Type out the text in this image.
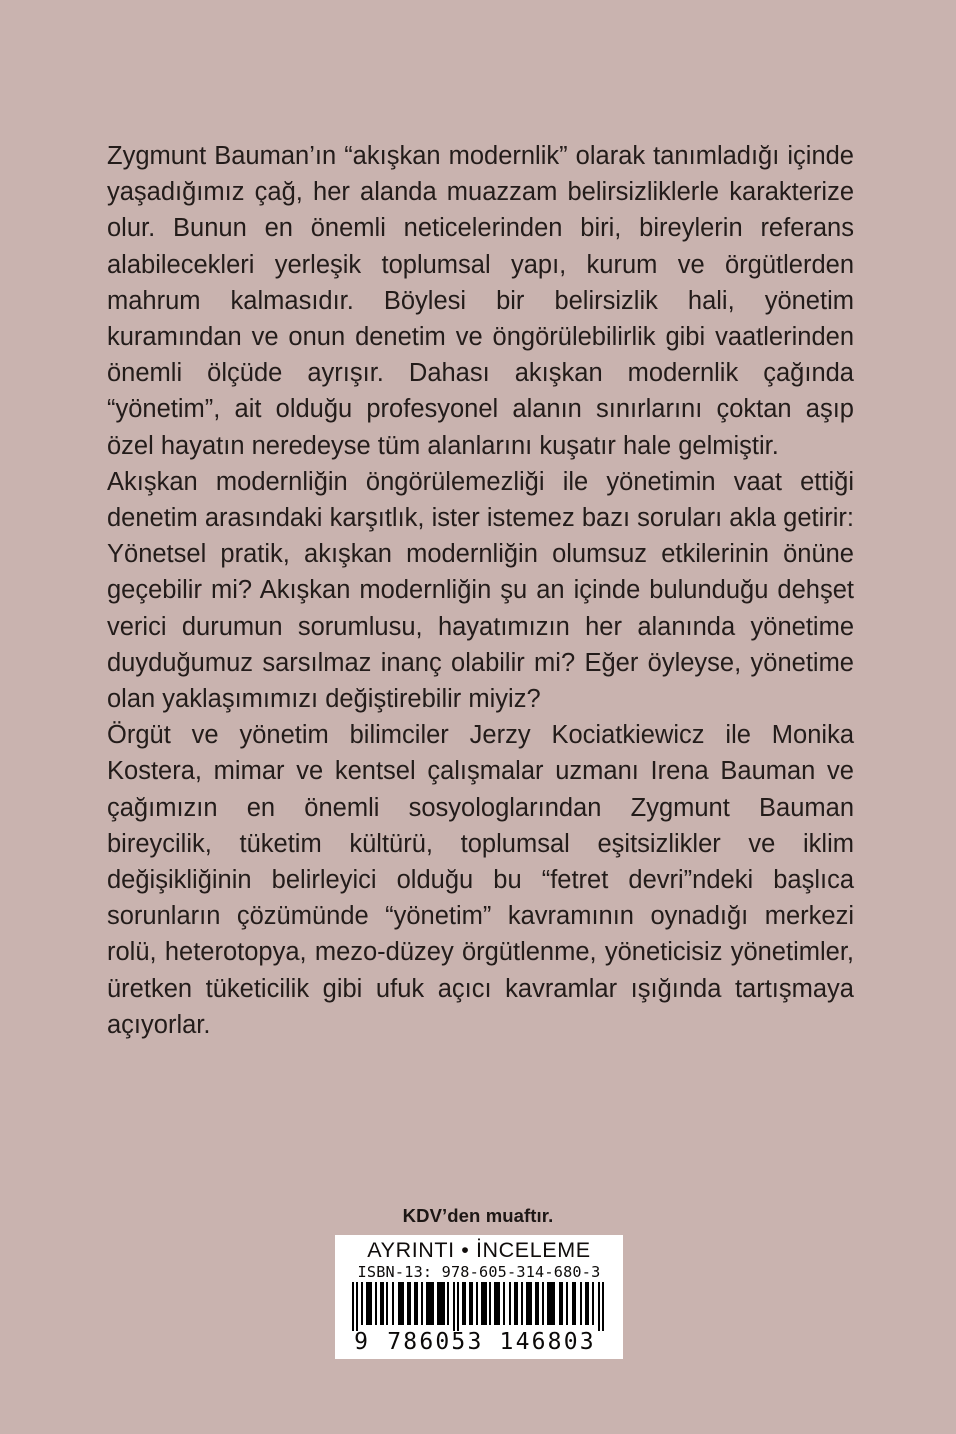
Zygmunt Bauman’ın “akışkan modernlik” olarak tanımladığı içinde yaşadığımız çağ, her alanda muazzam belirsizliklerle karakterize olur. Bunun en önemli neticelerinden biri, bireylerin referans alabilecekleri yerleşik toplumsal yapı, kurum ve örgütlerden mahrum kalmasıdır. Böylesi bir belirsizlik hali, yönetim kuramından ve onun denetim ve öngörülebilirlik gibi vaatlerinden önemli ölçüde ayrışır. Dahası akışkan modernlik çağında “yönetim”, ait olduğu profesyonel alanın sınırlarını çoktan aşıp özel hayatın neredeyse tüm alanlarını kuşatır hale gelmiştir.

Akışkan modernliğin öngörülemezliği ile yönetimin vaat ettiği denetim arasındaki karşıtlık, ister istemez bazı soruları akla getirir: Yönetsel pratik, akışkan modernliğin olumsuz etkilerinin önüne geçebilir mi? Akışkan modernliğin şu an içinde bulunduğu dehşet verici durumun sorumlusu, hayatımızın her alanında yönetime duyduğumuz sarsılmaz inanç olabilir mi? Eğer öyleyse, yönetime olan yaklaşımımızı değiştirebilir miyiz?

Örgüt ve yönetim bilimciler Jerzy Kociatkiewicz ile Monika Kostera, mimar ve kentsel çalışmalar uzmanı Irena Bauman ve çağımızın en önemli sosyologlarından Zygmunt Bauman bireycilik, tüketim kültürü, toplumsal eşitsizlikler ve iklim değişikliğinin belirleyici olduğu bu “fetret devri”ndeki başlıca sorunların çözümünde “yönetim” kavramının oynadığı merkezi rolü, heterotopya, mezo-düzey örgütlenme, yöneticisiz yönetimler, üretken tüketicilik gibi ufuk açıcı kavramlar ışığında tartışmaya açıyorlar.

KDV’den muaftır.
AYRINTI • İNCELEME
ISBN-13: 978-605-314-680-3
9 786053 146803
